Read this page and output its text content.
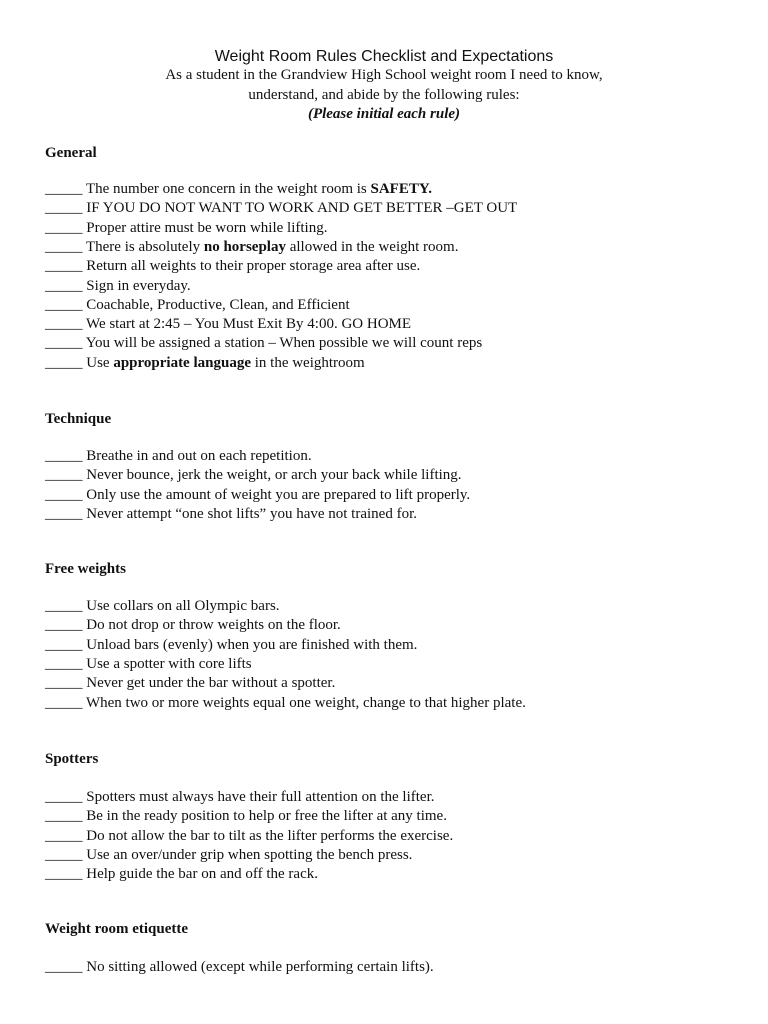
Weight Room Rules Checklist and Expectations
As a student in the Grandview High School weight room I need to know,
understand, and abide by the following rules:
(Please initial each rule)
General
_____ The number one concern in the weight room is SAFETY.
_____ IF YOU DO NOT WANT TO WORK AND GET BETTER –GET OUT
_____ Proper attire must be worn while lifting.
_____ There is absolutely no horseplay allowed in the weight room.
_____ Return all weights to their proper storage area after use.
_____ Sign in everyday.
_____ Coachable, Productive, Clean, and Efficient
_____ We start at 2:45 – You Must Exit By 4:00. GO HOME
_____ You will be assigned a station – When possible we will count reps
_____ Use appropriate language in the weightroom
Technique
_____ Breathe in and out on each repetition.
_____ Never bounce, jerk the weight, or arch your back while lifting.
_____ Only use the amount of weight you are prepared to lift properly.
_____ Never attempt “one shot lifts” you have not trained for.
Free weights
_____ Use collars on all Olympic bars.
_____ Do not drop or throw weights on the floor.
_____ Unload bars (evenly) when you are finished with them.
_____ Use a spotter with core lifts
_____ Never get under the bar without a spotter.
_____ When two or more weights equal one weight, change to that higher plate.
Spotters
_____ Spotters must always have their full attention on the lifter.
_____ Be in the ready position to help or free the lifter at any time.
_____ Do not allow the bar to tilt as the lifter performs the exercise.
_____ Use an over/under grip when spotting the bench press.
_____ Help guide the bar on and off the rack.
Weight room etiquette
_____ No sitting allowed (except while performing certain lifts).
